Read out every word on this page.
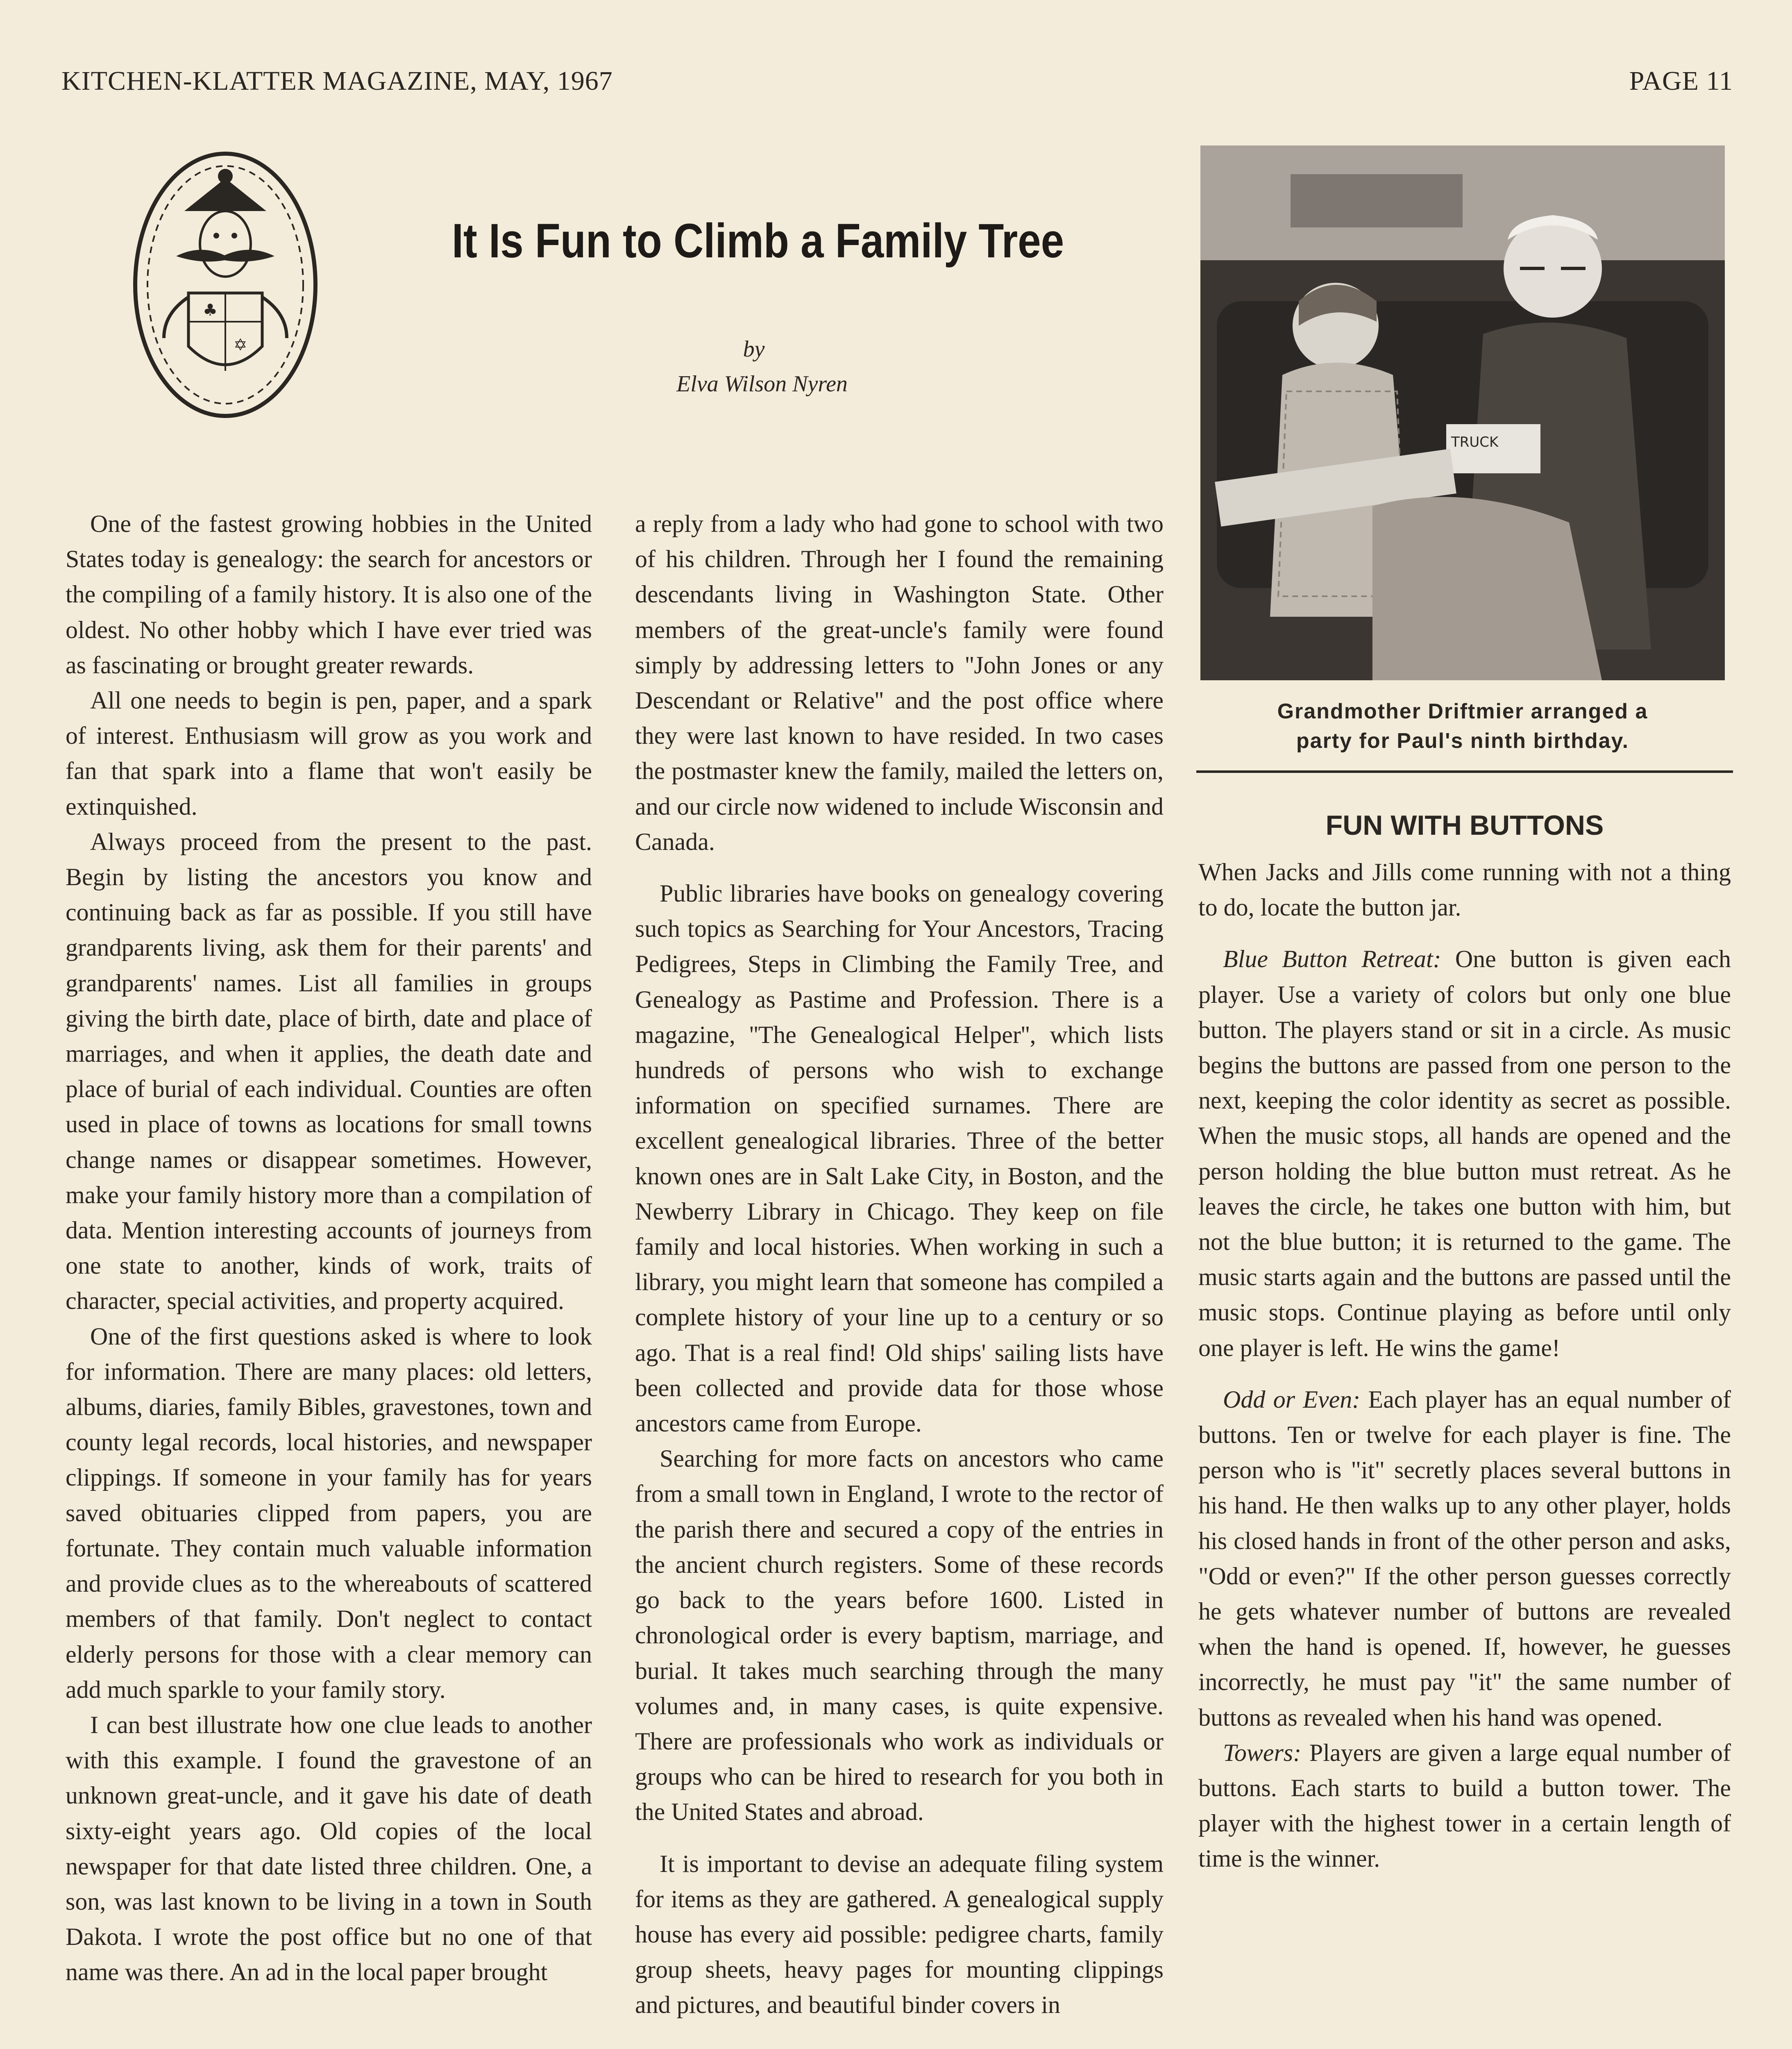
KITCHEN-KLATTER MAGAZINE, MAY, 1967	PAGE 11
♣
✡
It Is Fun to Climb a Family Tree
by
Elva Wilson Nyren

One of the fastest growing hobbies in the United States today is genealogy: the search for ancestors or the compiling of a family history. It is also one of the oldest. No other hobby which I have ever tried was as fascinating or brought greater rewards.

All one needs to begin is pen, paper, and a spark of interest. Enthusiasm will grow as you work and fan that spark into a flame that won't easily be extinquished.

Always proceed from the present to the past. Begin by listing the ancestors you know and continuing back as far as possible. If you still have grandparents living, ask them for their parents' and grandparents' names. List all families in groups giving the birth date, place of birth, date and place of marriages, and when it applies, the death date and place of burial of each individual. Counties are often used in place of towns as locations for small towns change names or disappear sometimes. However, make your family history more than a compilation of data. Mention interesting accounts of journeys from one state to another, kinds of work, traits of character, special activities, and property acquired.

One of the first questions asked is where to look for information. There are many places: old letters, albums, diaries, family Bibles, gravestones, town and county legal records, local histories, and newspaper clippings. If someone in your family has for years saved obituaries clipped from papers, you are fortunate. They contain much valuable information and provide clues as to the whereabouts of scattered members of that family. Don't neglect to contact elderly persons for those with a clear memory can add much sparkle to your family story.

I can best illustrate how one clue leads to another with this example. I found the gravestone of an unknown great-uncle, and it gave his date of death sixty-eight years ago. Old copies of the local newspaper for that date listed three children. One, a son, was last known to be living in a town in South Dakota. I wrote the post office but no one of that name was there. An ad in the local paper brought

a reply from a lady who had gone to school with two of his children. Through her I found the remaining descendants living in Washington State. Other members of the great-uncle's family were found simply by addressing letters to ''John Jones or any Descendant or Relative'' and the post office where they were last known to have resided. In two cases the postmaster knew the family, mailed the letters on, and our circle now widened to include Wisconsin and Canada.

Public libraries have books on genealogy covering such topics as Searching for Your Ancestors, Tracing Pedigrees, Steps in Climbing the Family Tree, and Genealogy as Pastime and Profession. There is a magazine, ''The Genealogical Helper'', which lists hundreds of persons who wish to exchange information on specified surnames. There are excellent genealogical libraries. Three of the better known ones are in Salt Lake City, in Boston, and the Newberry Library in Chicago. They keep on file family and local histories. When working in such a library, you might learn that someone has compiled a complete history of your line up to a century or so ago. That is a real find! Old ships' sailing lists have been collected and provide data for those whose ancestors came from Europe.

Searching for more facts on ancestors who came from a small town in England, I wrote to the rector of the parish there and secured a copy of the entries in the ancient church registers. Some of these records go back to the years before 1600. Listed in chronological order is every baptism, marriage, and burial. It takes much searching through the many volumes and, in many cases, is quite expensive. There are professionals who work as individuals or groups who can be hired to research for you both in the United States and abroad.

It is important to devise an adequate filing system for items as they are gathered. A genealogical supply house has every aid possible: pedigree charts, family group sheets, heavy pages for mounting clippings and pictures, and beautiful binder covers in

TRUCK
Grandmother Driftmier arranged a
party for Paul's ninth birthday.
FUN WITH BUTTONS

When Jacks and Jills come running with not a thing to do, locate the button jar.

Blue Button Retreat: One button is given each player. Use a variety of colors but only one blue button. The players stand or sit in a circle. As music begins the buttons are passed from one person to the next, keeping the color identity as secret as possible. When the music stops, all hands are opened and the person holding the blue button must retreat. As he leaves the circle, he takes one button with him, but not the blue button; it is returned to the game. The music starts again and the buttons are passed until the music stops. Continue playing as before until only one player is left. He wins the game!

Odd or Even: Each player has an equal number of buttons. Ten or twelve for each player is fine. The person who is "it" secretly places several buttons in his hand. He then walks up to any other player, holds his closed hands in front of the other person and asks, "Odd or even?" If the other person guesses correctly he gets whatever number of buttons are revealed when the hand is opened. If, however, he guesses incorrectly, he must pay "it" the same number of buttons as revealed when his hand was opened.

Towers: Players are given a large equal number of buttons. Each starts to build a button tower. The player with the highest tower in a certain length of time is the winner.
